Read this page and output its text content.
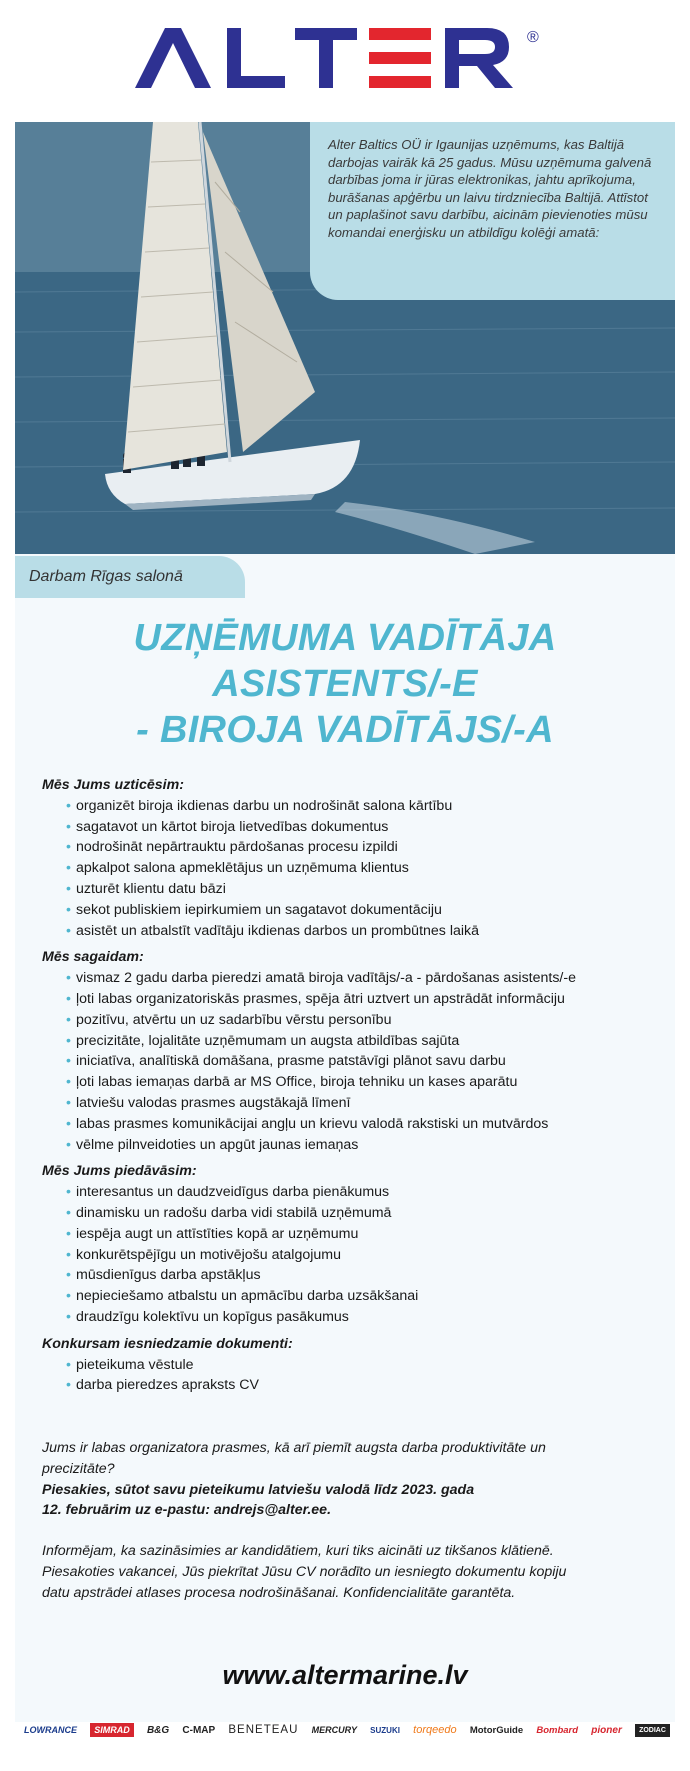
®
Alter Baltics OÜ ir Igaunijas uzņēmums, kas Baltijā darbojas vairāk kā 25 gadus. Mūsu uzņēmuma galvenā darbības joma ir jūras elektronikas, jahtu aprīkojuma, burāšanas apģērbu un laivu tirdzniecība Baltijā. Attīstot un paplašinot savu darbību, aicinām pievienoties mūsu komandai enerģisku un atbildīgu kolēģi amatā:
Darbam Rīgas salonā
UZŅĒMUMA VADĪTĀJA
ASISTENTS/-E
- BIROJA VADĪTĀJS/-A

Mēs Jums uzticēsim:

• organizēt biroja ikdienas darbu un nodrošināt salona kārtību
• sagatavot un kārtot biroja lietvedības dokumentus
• nodrošināt nepārtrauktu pārdošanas procesu izpildi
• apkalpot salona apmeklētājus un uzņēmuma klientus
• uzturēt klientu datu bāzi
• sekot publiskiem iepirkumiem un sagatavot dokumentāciju
• asistēt un atbalstīt vadītāju ikdienas darbos un prombūtnes laikā

Mēs sagaidam:

• vismaz 2 gadu darba pieredzi amatā biroja vadītājs/-a - pārdošanas asistents/-e
• ļoti labas organizatoriskās prasmes, spēja ātri uztvert un apstrādāt informāciju
• pozitīvu, atvērtu un uz sadarbību vērstu personību
• precizitāte, lojalitāte uzņēmumam un augsta atbildības sajūta
• iniciatīva, analītiskā domāšana, prasme patstāvīgi plānot savu darbu
• ļoti labas iemaņas darbā ar MS Office, biroja tehniku un kases aparātu
• latviešu valodas prasmes augstākajā līmenī
• labas prasmes komunikācijai angļu un krievu valodā rakstiski un mutvārdos
• vēlme pilnveidoties un apgūt jaunas iemaņas

Mēs Jums piedāvāsim:

• interesantus un daudzveidīgus darba pienākumus
• dinamisku un radošu darba vidi stabilā uzņēmumā
• iespēja augt un attīstīties kopā ar uzņēmumu
• konkurētspējīgu un motivējošu atalgojumu
• mūsdienīgus darba apstākļus
• nepieciešamo atbalstu un apmācību darba uzsākšanai
• draudzīgu kolektīvu un kopīgus pasākumus

Konkursam iesniedzamie dokumenti:

• pieteikuma vēstule
• darba pieredzes apraksts CV

Jums ir labas organizatora prasmes, kā arī piemīt augsta darba produktivitāte un

precizitāte?

Piesakies, sūtot savu pieteikumu latviešu valodā līdz 2023. gada

12. februārim uz e-pastu: andrejs@alter.ee.

Informējam, ka sazināsimies ar kandidātiem, kuri tiks aicināti uz tikšanos klātienē.

Piesakoties vakancei, Jūs piekrītat Jūsu CV norādīto un iesniegto dokumentu kopiju

datu apstrādei atlases procesa nodrošināšanai. Konfidencialitāte garantēta.

www.altermarine.lv
LOWRANCE	SIMRAD	B&G C-MAP BENETEAU MERCURY SUZUKI torqeedo MotorGuide Bombard pioner	ZODIAC
